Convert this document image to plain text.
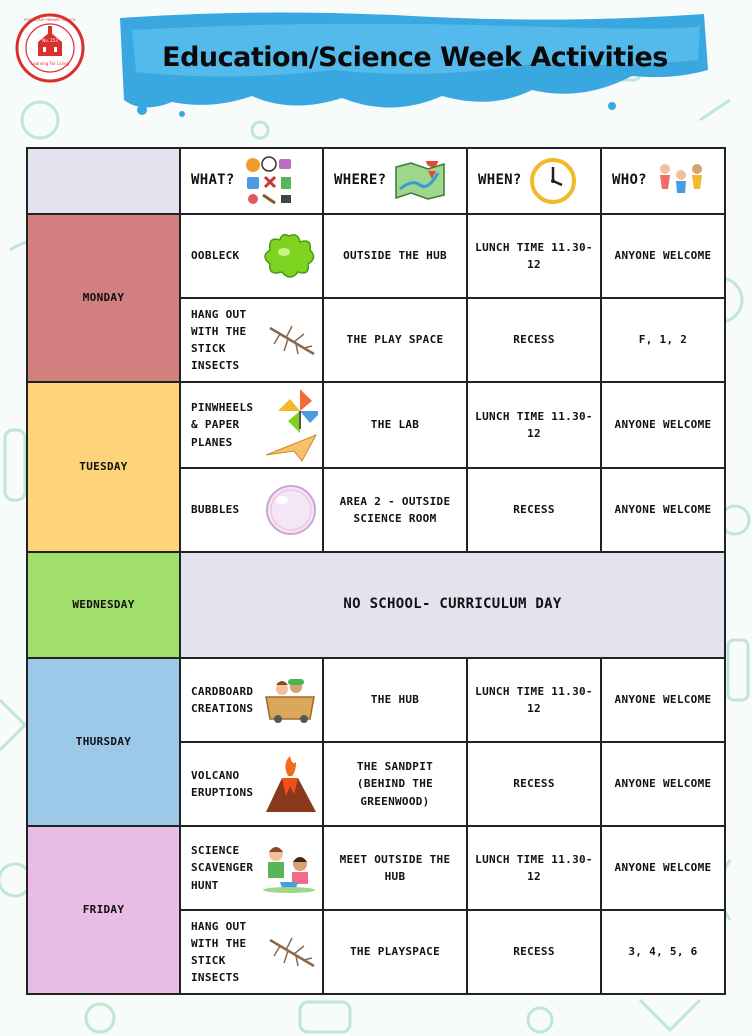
No. 253
Learning For Living
FOOTSCRAY PRIMARY SCHOOL
Education/Science Week Activities

	WHAT?	WHERE?	WHEN?	WHO?

MONDAY	OOBLECK	OUTSIDE THE HUB	LUNCH TIME 11.30-12	ANYONE WELCOME

	HANG OUT WITH THE STICK INSECTS	THE PLAY SPACE	RECESS	F, 1, 2
TUESDAY	PINWHEELS & PAPER PLANES	THE LAB	LUNCH TIME 11.30-12	ANYONE WELCOME

	BUBBLES	AREA 2 - OUTSIDE SCIENCE ROOM	RECESS	ANYONE WELCOME
WEDNESDAY	NO SCHOOL- CURRICULUM DAY			
THURSDAY	CARDBOARD CREATIONS	THE HUB	LUNCH TIME 11.30-12	ANYONE WELCOME

	VOLCANO ERUPTIONS	THE SANDPIT (BEHIND THE GREENWOOD)	RECESS	ANYONE WELCOME
FRIDAY	SCIENCE SCAVENGER HUNT	MEET OUTSIDE THE HUB	LUNCH TIME 11.30-12	ANYONE WELCOME

	HANG OUT WITH THE STICK INSECTS	THE PLAYSPACE	RECESS	3, 4, 5, 6
